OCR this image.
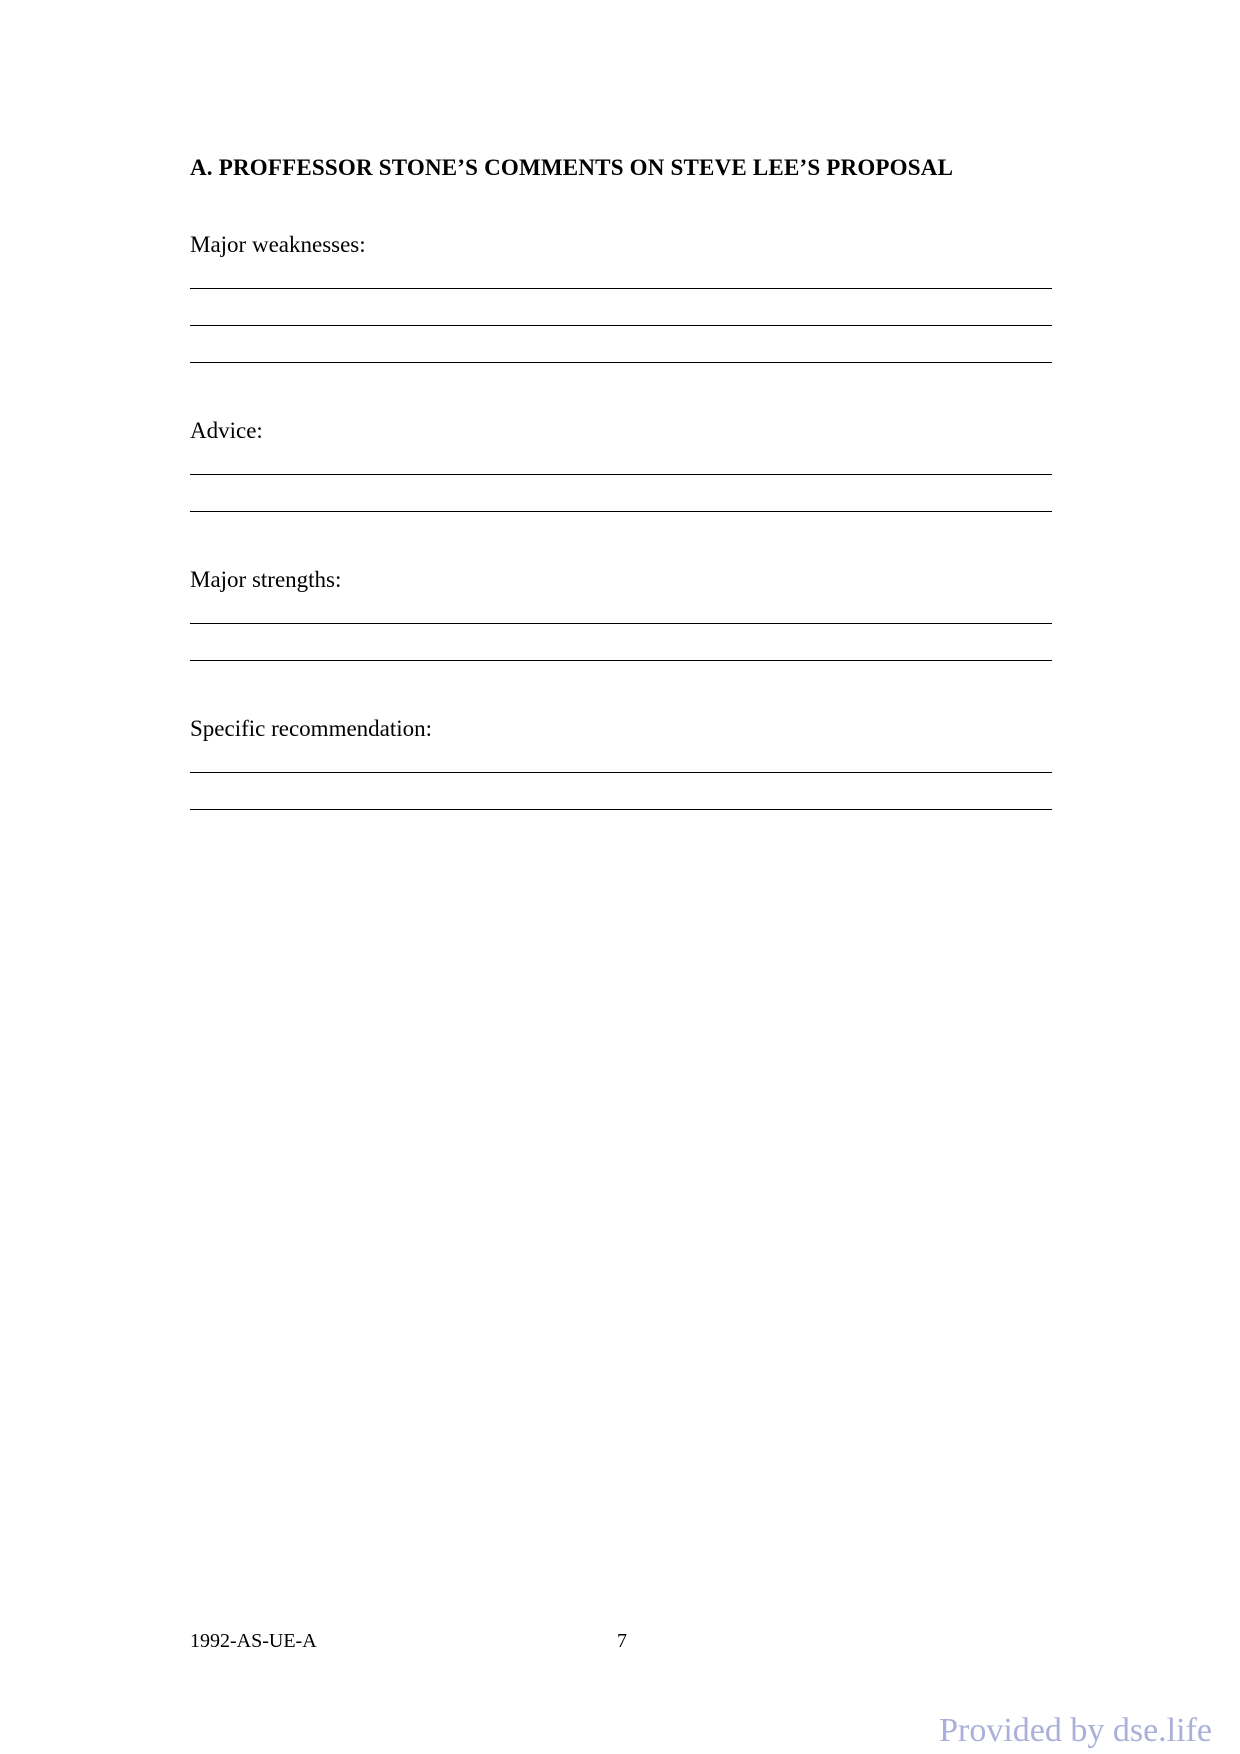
A. PROFFESSOR STONE’S COMMENTS ON STEVE LEE’S PROPOSAL
Major weaknesses:
Advice:
Major strengths:
Specific recommendation:
1992-AS-UE-A	7
Provided by dse.life
